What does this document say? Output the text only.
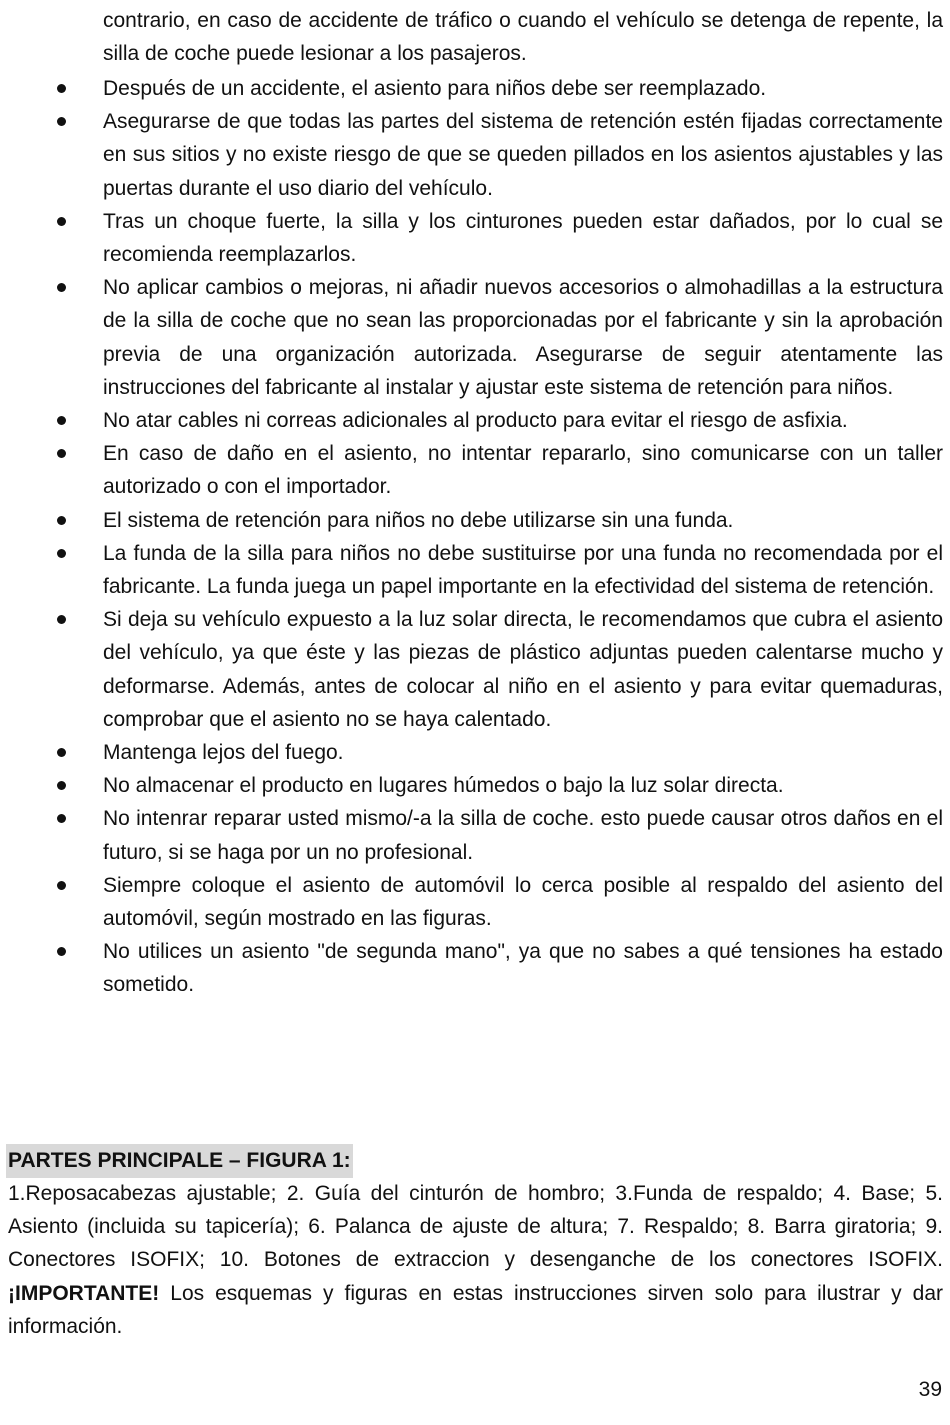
contrario, en caso de accidente de tráfico o cuando el vehículo se detenga de repente, la silla de coche puede lesionar a los pasajeros.

Después de un accidente, el asiento para niños debe ser reemplazado.
Asegurarse de que todas las partes del sistema de retención estén fijadas correctamente en sus sitios y no existe riesgo de que se queden pillados en los asientos ajustables y las puertas durante el uso diario del vehículo.
Tras un choque fuerte, la silla y los cinturones pueden estar dañados, por lo cual se recomienda reemplazarlos.
No aplicar cambios o mejoras, ni añadir nuevos accesorios o almohadillas a la estructura de la silla de coche que no sean las proporcionadas por el fabricante y sin la aprobación previa de una organización autorizada. Asegurarse de seguir atentamente las instrucciones del fabricante al instalar y ajustar este sistema de retención para niños.
No atar cables ni correas adicionales al producto para evitar el riesgo de asfixia.
En caso de daño en el asiento, no intentar repararlo, sino comunicarse con un taller autorizado o con el importador.
El sistema de retención para niños no debe utilizarse sin una funda.
La funda de la silla para niños no debe sustituirse por una funda no recomendada por el fabricante. La funda juega un papel importante en la efectividad del sistema de retención.
Si deja su vehículo expuesto a la luz solar directa, le recomendamos que cubra el asiento del vehículo, ya que éste y las piezas de plástico adjuntas pueden calentarse mucho y deformarse. Además, antes de colocar al niño en el asiento y para evitar quemaduras, comprobar que el asiento no se haya calentado.
Mantenga lejos del fuego.
No almacenar el producto en lugares húmedos o bajo la luz solar directa.
No intenrar reparar usted mismo/-a la silla de coche. esto puede causar otros daños en el futuro, si se haga por un no profesional.
Siempre coloque el asiento de automóvil lo cerca posible al respaldo del asiento del automóvil, según mostrado en las figuras.
No utilices un asiento "de segunda mano", ya que no sabes a qué tensiones ha estado sometido.
PARTES PRINCIPALE – FIGURA 1:

1.Reposacabezas ajustable; 2. Guía del cinturón de hombro; 3.Funda de respaldo; 4. Base; 5. Asiento (incluida su tapicería); 6. Palanca de ajuste de altura; 7. Respaldo; 8. Barra giratoria; 9. Conectores ISOFIX; 10. Botones de extraccion y desenganche de los conectores ISOFIX. ¡IMPORTANTE! Los esquemas y figuras en estas instrucciones sirven solo para ilustrar y dar información.

39
